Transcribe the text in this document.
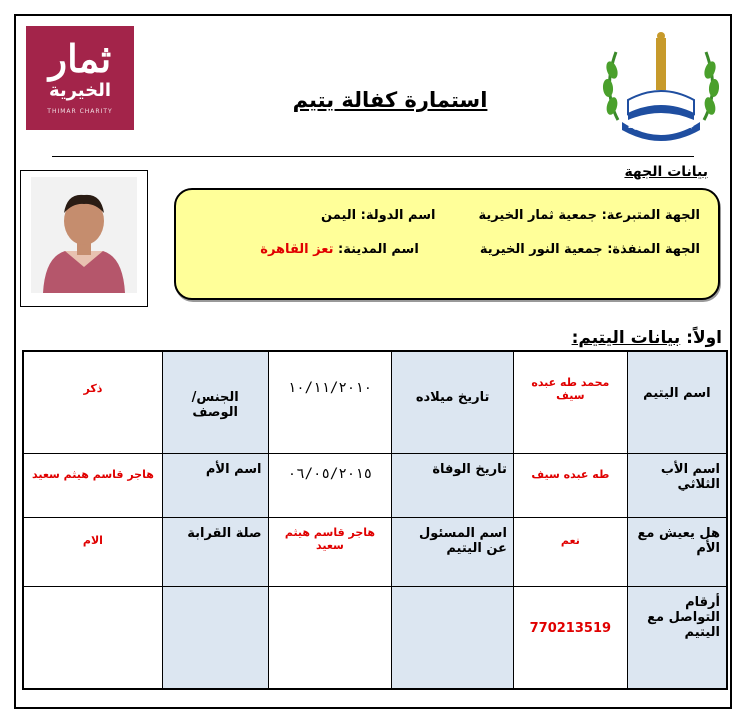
جمعية النور الخيرية
ثمار
الخيرية
THIMAR CHARITY	استمارة كفالة يتيم
بيانات الجهة
الجهة المتبرعة: جمعية ثمار الخيرية  اسم الدولة: اليمن
الجهة المنفذة: جمعية النور الخيرية  اسم المدينة: تعز القاهرة
اولاً: بيانات اليتيم:
اسم اليتيم	محمد طه عبده سيف	تاريخ ميلاده	١٠/١١/٢٠١٠	الجنس/ الوصف	ذكر
اسم الأب الثلاثي	طه عبده سيف	تاريخ الوفاة	٠٦/٠٥/٢٠١٥	اسم الأم	هاجر قاسم هيثم سعيد
هل يعيش مع الأم	نعم	اسم المسئول عن اليتيم	هاجر قاسم هيثم سعيد	صلة القرابة	الام
أرقام التواصل مع اليتيم	770213519				
